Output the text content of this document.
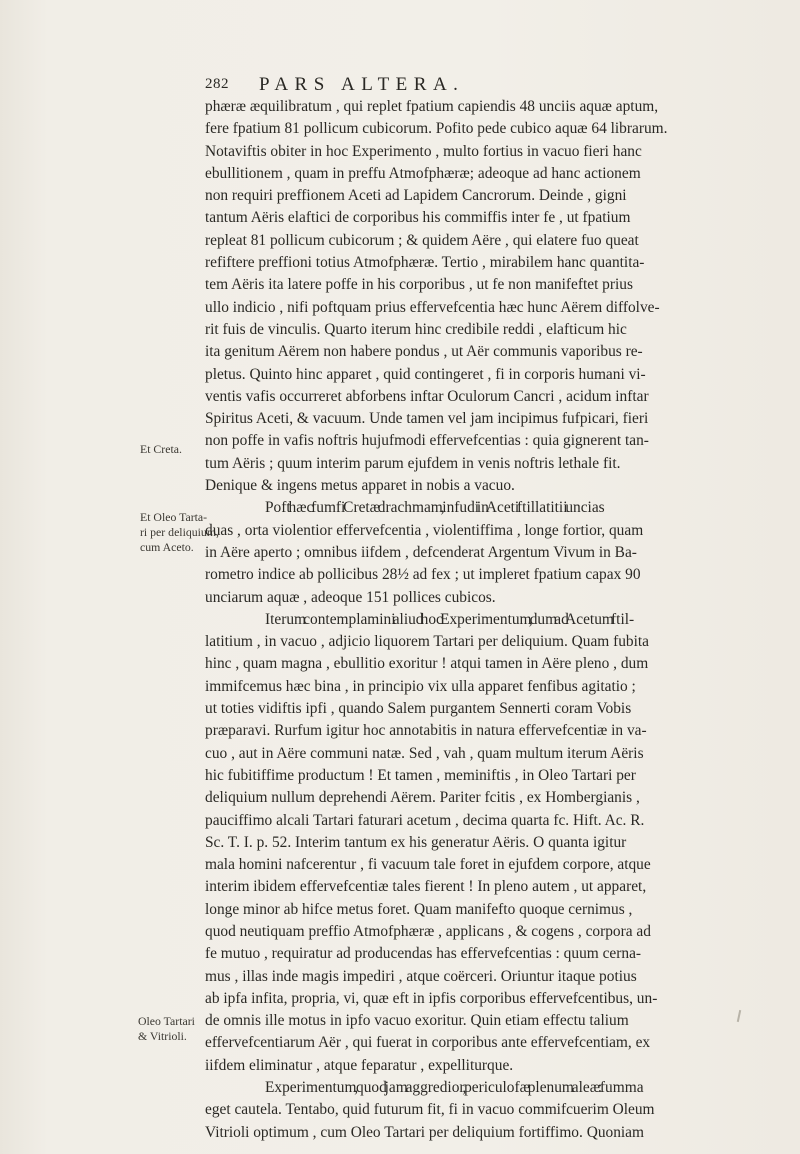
282 PARS ALTERA.
Et Creta.
Et Oleo Tarta-
ri per deliquium,
cum Aceto.
Oleo Tartari
& Vitrioli.
phæræ æquilibratum , qui replet fpatium capiendis 48 unciis aquæ aptum,
fere fpatium 81 pollicum cubicorum. Pofito pede cubico aquæ 64 librarum.
Notaviftis obiter in hoc Experimento , multo fortius in vacuo fieri hanc
ebullitionem , quam in preffu Atmofphæræ; adeoque ad hanc actionem
non requiri preffionem Aceti ad Lapidem Cancrorum. Deinde , gigni
tantum Aëris elaftici de corporibus his commiffis inter fe , ut fpatium
repleat 81 pollicum cubicorum ; & quidem Aëre , qui elatere fuo queat
refiftere preffioni totius Atmofphæræ. Tertio , mirabilem hanc quantita-
tem Aëris ita latere poffe in his corporibus , ut fe non manifeftet prius
ullo indicio , nifi poftquam prius effervefcentia hæc hunc Aërem diffolve-
rit fuis de vinculis. Quarto iterum hinc credibile reddi , elafticum hic
ita genitum Aërem non habere pondus , ut Aër communis vaporibus re-
pletus. Quinto hinc apparet , quid contingeret , fi in corporis humani vi-
ventis vafis occurreret abforbens inftar Oculorum Cancri , acidum inftar
Spiritus Aceti, & vacuum. Unde tamen vel jam incipimus fufpicari, fieri
non poffe in vafis noftris hujufmodi effervefcentias : quia gignerent tan-
tum Aëris ; quum interim parum ejufdem in venis noftris lethale fit.
Denique & ingens metus apparet in nobis a vacuo.
Poft hæc fumfi Cretæ drachmam , infudi in Aceti ftillatitii uncias
duas , orta violentior effervefcentia , violentiffima , longe fortior, quam
in Aëre aperto ; omnibus iifdem , defcenderat Argentum Vivum in Ba-
rometro indice ab pollicibus 28½ ad fex ; ut impleret fpatium capax 90
unciarum aquæ , adeoque 151 pollices cubicos.
Iterum contemplamini aliud hoc Experimentum , dum ad Acetum ftil-
latitium , in vacuo , adjicio liquorem Tartari per deliquium. Quam fubita
hinc , quam magna , ebullitio exoritur ! atqui tamen in Aëre pleno , dum
immifcemus hæc bina , in principio vix ulla apparet fenfibus agitatio ;
ut toties vidiftis ipfi , quando Salem purgantem Sennerti coram Vobis
præparavi. Rurfum igitur hoc annotabitis in natura effervefcentiæ in va-
cuo , aut in Aëre communi natæ. Sed , vah , quam multum iterum Aëris
hic fubitiffime productum ! Et tamen , meminiftis , in Oleo Tartari per
deliquium nullum deprehendi Aërem. Pariter fcitis , ex Hombergianis ,
pauciffimo alcali Tartari faturari acetum , decima quarta fc. Hift. Ac. R.
Sc. T. I. p. 52. Interim tantum ex his generatur Aëris. O quanta igitur
mala homini nafcerentur , fi vacuum tale foret in ejufdem corpore, atque
interim ibidem effervefcentiæ tales fierent ! In pleno autem , ut apparet,
longe minor ab hifce metus foret. Quam manifefto quoque cernimus ,
quod neutiquam preffio Atmofphæræ , applicans , & cogens , corpora ad
fe mutuo , requiratur ad producendas has effervefcentias : quum cerna-
mus , illas inde magis impediri , atque coërceri. Oriuntur itaque potius
ab ipfa infita, propria, vi, quæ eft in ipfis corporibus effervefcentibus, un-
de omnis ille motus in ipfo vacuo exoritur. Quin etiam effectu talium
effervefcentiarum Aër , qui fuerat in corporibus ante effervefcentiam, ex
iifdem eliminatur , atque feparatur , expelliturque.
Experimentum , quod jam aggredior , periculofæ plenum aleæ : fumma
eget cautela. Tentabo, quid futurum fit, fi in vacuo commifcuerim Oleum
Vitrioli optimum , cum Oleo Tartari per deliquium fortiffimo. Quoniam
